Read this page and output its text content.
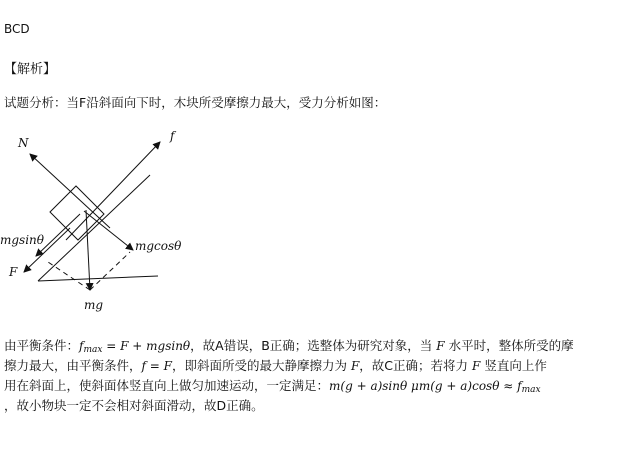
BCD
【解析】
试题分析：当F沿斜面向下时，木块所受摩擦力最大，受力分析如图：
N	f
mgsinθ	mgcosθ
F
mg
由平衡条件：fmax = F + mgsinθ，故A错误，B正确；选整体为研究对象，当 F 水平时，整体所受的摩
擦力最大，由平衡条件，f = F，即斜面所受的最大静摩擦力为 F，故C正确；若将力 F 竖直向上作
用在斜面上，使斜面体竖直向上做匀加速运动，一定满足：m(g + a)sinθ μm(g + a)cosθ ≈ fmax
，故小物块一定不会相对斜面滑动，故D正确。
